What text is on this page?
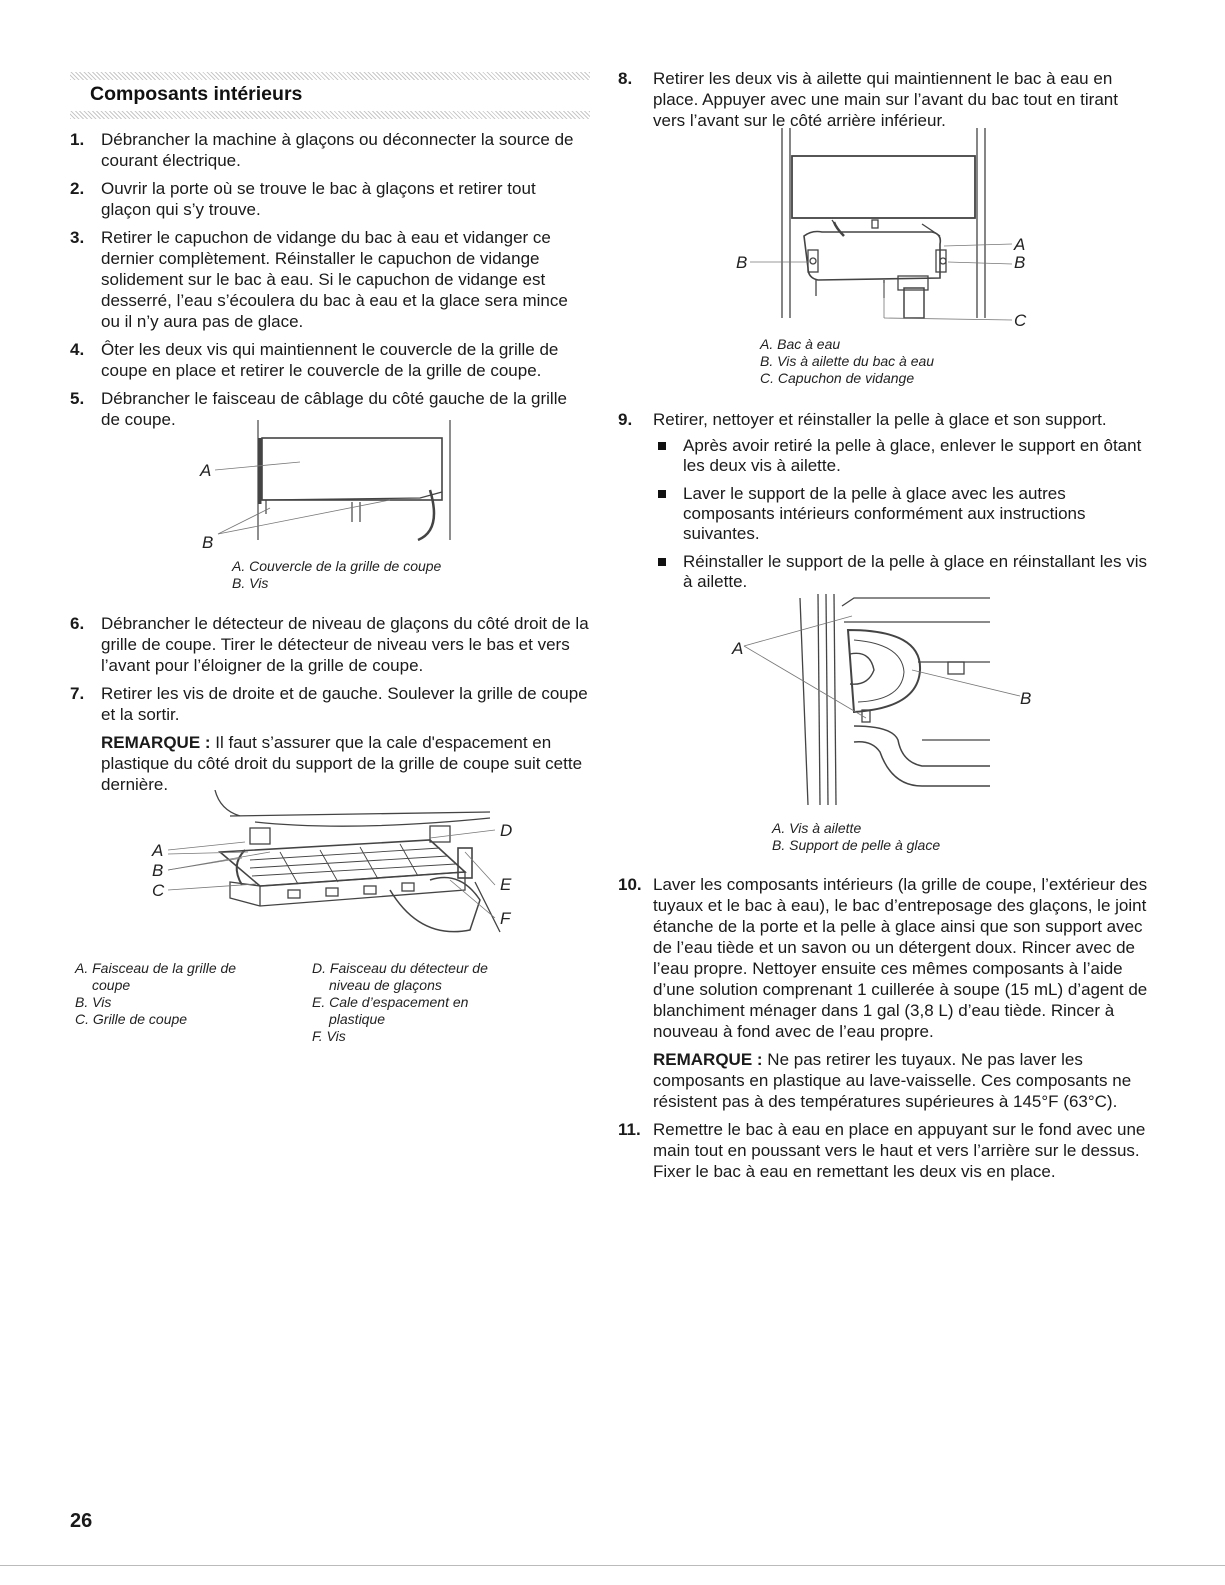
Composants intérieurs
1. Débrancher la machine à glaçons ou déconnecter la source de courant électrique.

2. Ouvrir la porte où se trouve le bac à glaçons et retirer tout glaçon qui s’y trouve.

3. Retirer le capuchon de vidange du bac à eau et vidanger ce dernier complètement. Réinstaller le capuchon de vidange solidement sur le bac à eau. Si le capuchon de vidange est desserré, l’eau s’écoulera du bac à eau et la glace sera mince ou il n’y aura pas de glace.

4. Ôter les deux vis qui maintiennent le couvercle de la grille de coupe en place et retirer le couvercle de la grille de coupe.

5. Débrancher le faisceau de câblage du côté gauche de la grille de coupe.

A
B
A. Couvercle de la grille de coupe
B. Vis
6. Débrancher le détecteur de niveau de glaçons du côté droit de la grille de coupe. Tirer le détecteur de niveau vers le bas et vers l’avant pour l’éloigner de la grille de coupe.

7. Retirer les vis de droite et de gauche. Soulever la grille de coupe et la sortir.

REMARQUE : Il faut s’assurer que la cale d'espacement en plastique du côté droit du support de la grille de coupe suit cette dernière.

A
B
C
D
E
F
A. Faisceau de la grille de
coupe
B. Vis
C. Grille de coupe
D. Faisceau du détecteur de
niveau de glaçons
E. Cale d’espacement en
plastique
F. Vis
8. Retirer les deux vis à ailette qui maintiennent le bac à eau en place. Appuyer avec une main sur l’avant du bac tout en tirant vers l’avant sur le côté arrière inférieur.

B
A
B
C
A. Bac à eau
B. Vis à ailette du bac à eau
C. Capuchon de vidange
9. Retirer, nettoyer et réinstaller la pelle à glace et son support.

Après avoir retiré la pelle à glace, enlever le support en ôtant les deux vis à ailette.
Laver le support de la pelle à glace avec les autres composants intérieurs conformément aux instructions suivantes.
Réinstaller le support de la pelle à glace en réinstallant les vis à ailette.
A
B
A. Vis à ailette
B. Support de pelle à glace
10. Laver les composants intérieurs (la grille de coupe, l’extérieur des tuyaux et le bac à eau), le bac d’entreposage des glaçons, le joint étanche de la porte et la pelle à glace ainsi que son support avec de l’eau tiède et un savon ou un détergent doux. Rincer avec de l’eau propre. Nettoyer ensuite ces mêmes composants à l’aide d’une solution comprenant 1 cuillerée à soupe (15 mL) d’agent de blanchiment ménager dans 1 gal (3,8 L) d’eau tiède. Rincer à nouveau à fond avec de l’eau propre.

REMARQUE : Ne pas retirer les tuyaux. Ne pas laver les composants en plastique au lave-vaisselle. Ces composants ne résistent pas à des températures supérieures à 145°F (63°C).

11. Remettre le bac à eau en place en appuyant sur le fond avec une main tout en poussant vers le haut et vers l’arrière sur le dessus. Fixer le bac à eau en remettant les deux vis en place.

26
